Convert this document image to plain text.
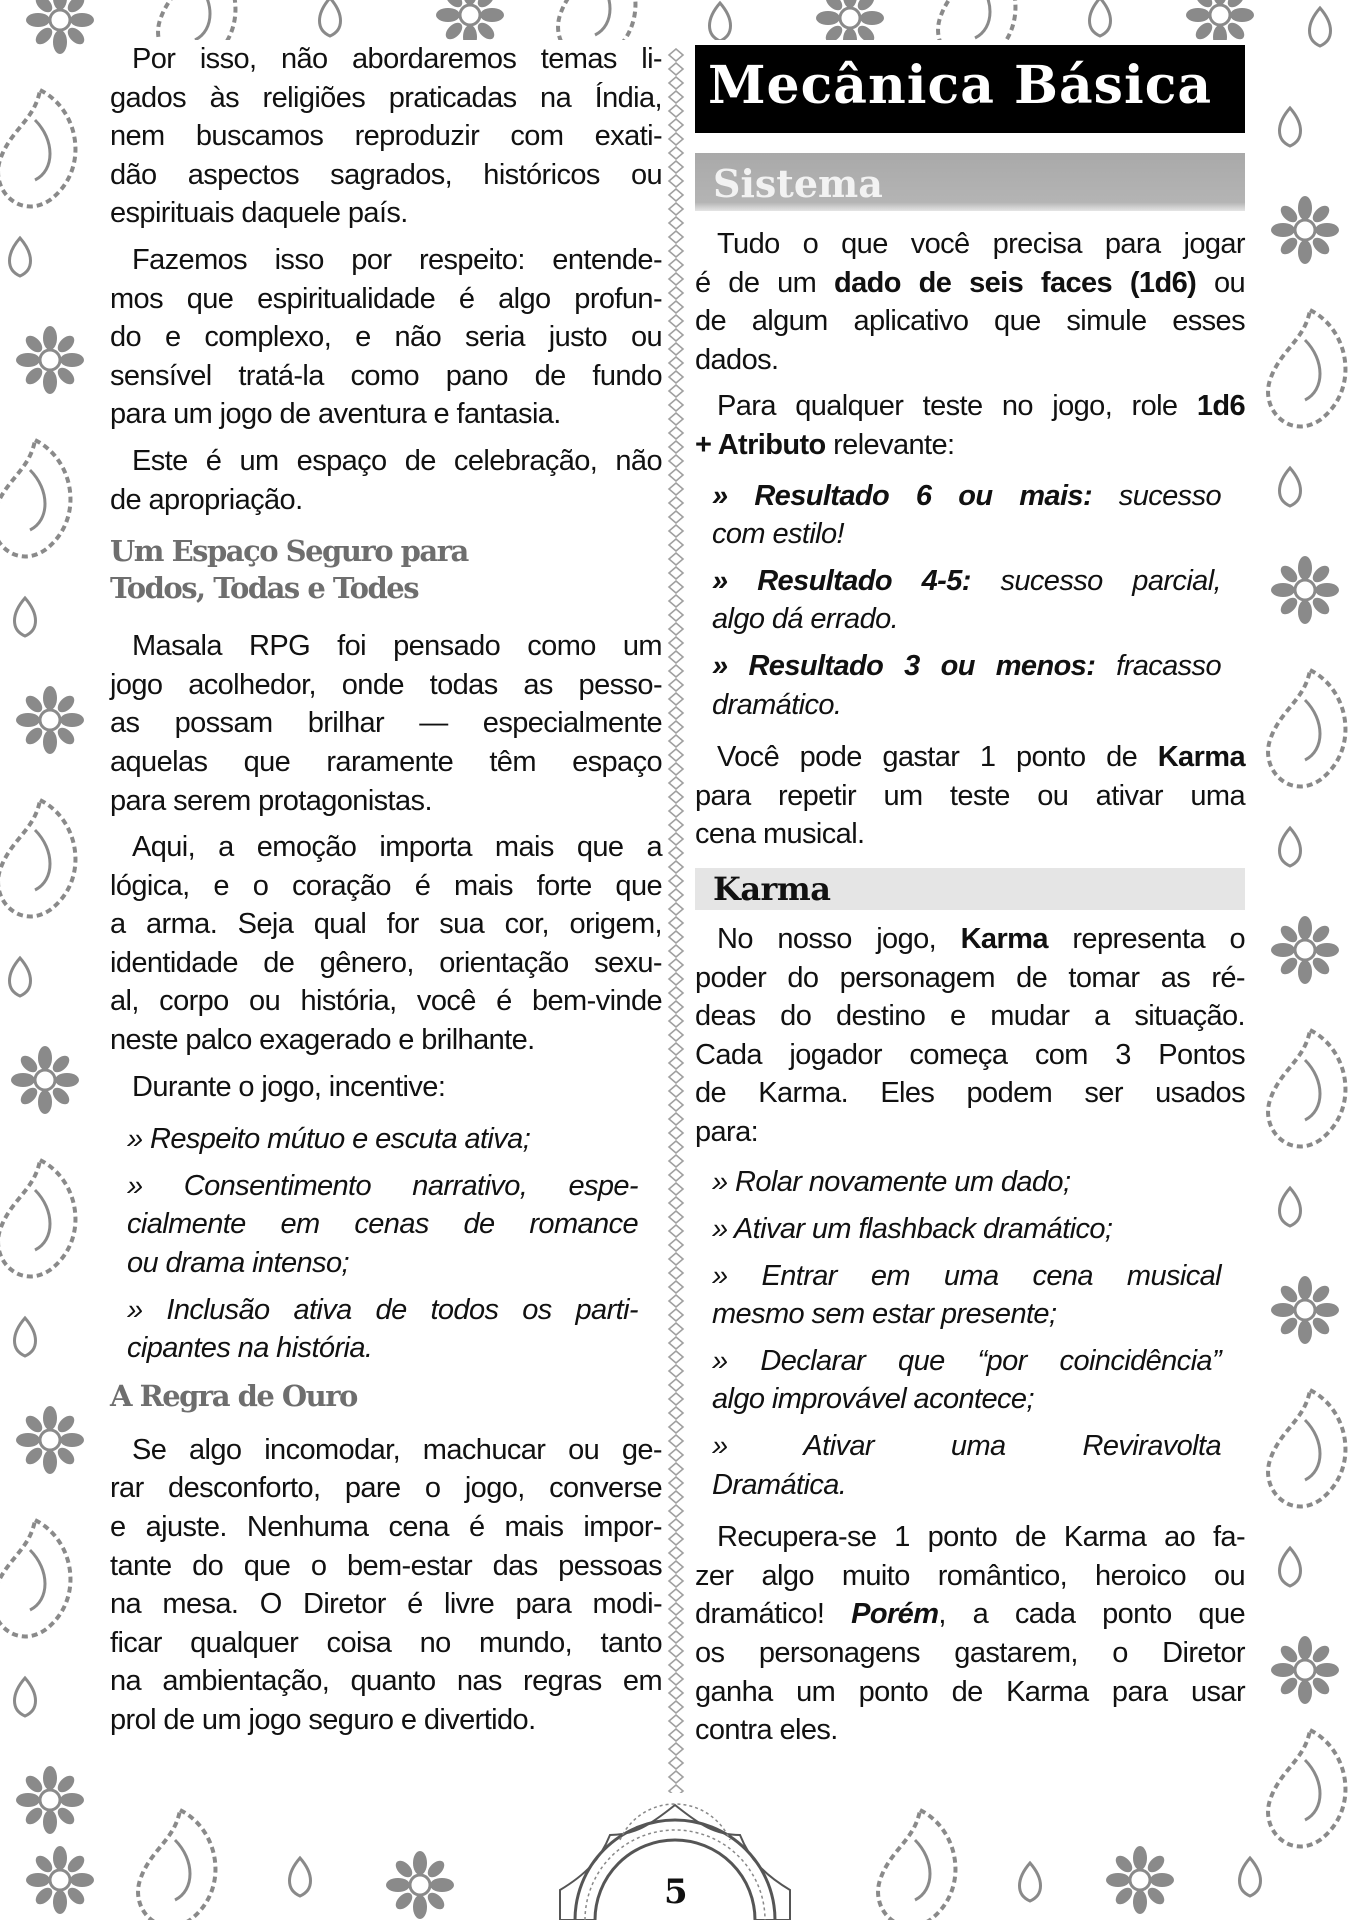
Por isso, não abordaremos temas li-
gados às religiões praticadas na Índia,
nem buscamos reproduzir com exati-
dão aspectos sagrados, históricos ou
espirituais daquele país.
Fazemos isso por respeito: entende-
mos que espiritualidade é algo profun-
do e complexo, e não seria justo ou
sensível tratá-la como pano de fundo
para um jogo de aventura e fantasia.
Este é um espaço de celebração, não
de apropriação.
Um Espaço Seguro para
Todos, Todas e Todes
Masala RPG foi pensado como um
jogo acolhedor, onde todas as pesso-
as possam brilhar — especialmente
aquelas que raramente têm espaço
para serem protagonistas.
Aqui, a emoção importa mais que a
lógica, e o coração é mais forte que
a arma. Seja qual for sua cor, origem,
identidade de gênero, orientação sexu-
al, corpo ou história, você é bem-vinde
neste palco exagerado e brilhante.
Durante o jogo, incentive:
» Respeito mútuo e escuta ativa;
» Consentimento narrativo, espe-
cialmente em cenas de romance
ou drama intenso;
» Inclusão ativa de todos os parti-
cipantes na história.
A Regra de Ouro
Se algo incomodar, machucar ou ge-
rar desconforto, pare o jogo, converse
e ajuste. Nenhuma cena é mais impor-
tante do que o bem-estar das pessoas
na mesa. O Diretor é livre para modi-
ficar qualquer coisa no mundo, tanto
na ambientação, quanto nas regras em
prol de um jogo seguro e divertido.
Mecânica Básica
Sistema
Tudo o que você precisa para jogar
é de um dado de seis faces (1d6) ou
de algum aplicativo que simule esses
dados.
Para qualquer teste no jogo, role 1d6
+ Atributo relevante:
» Resultado 6 ou mais: sucesso
com estilo!
» Resultado 4-5: sucesso parcial,
algo dá errado.
» Resultado 3 ou menos: fracasso
dramático.
Você pode gastar 1 ponto de Karma
para repetir um teste ou ativar uma
cena musical.
Karma
No nosso jogo, Karma representa o
poder do personagem de tomar as ré-
deas do destino e mudar a situação.
Cada jogador começa com 3 Pontos
de Karma. Eles podem ser usados
para:
» Rolar novamente um dado;
» Ativar um flashback dramático;
» Entrar em uma cena musical
mesmo sem estar presente;
» Declarar que “por coincidência”
algo improvável acontece;
» Ativar uma Reviravolta
Dramática.
Recupera-se 1 ponto de Karma ao fa-
zer algo muito romântico, heroico ou
dramático! Porém, a cada ponto que
os personagens gastarem, o Diretor
ganha um ponto de Karma para usar
contra eles.
5
